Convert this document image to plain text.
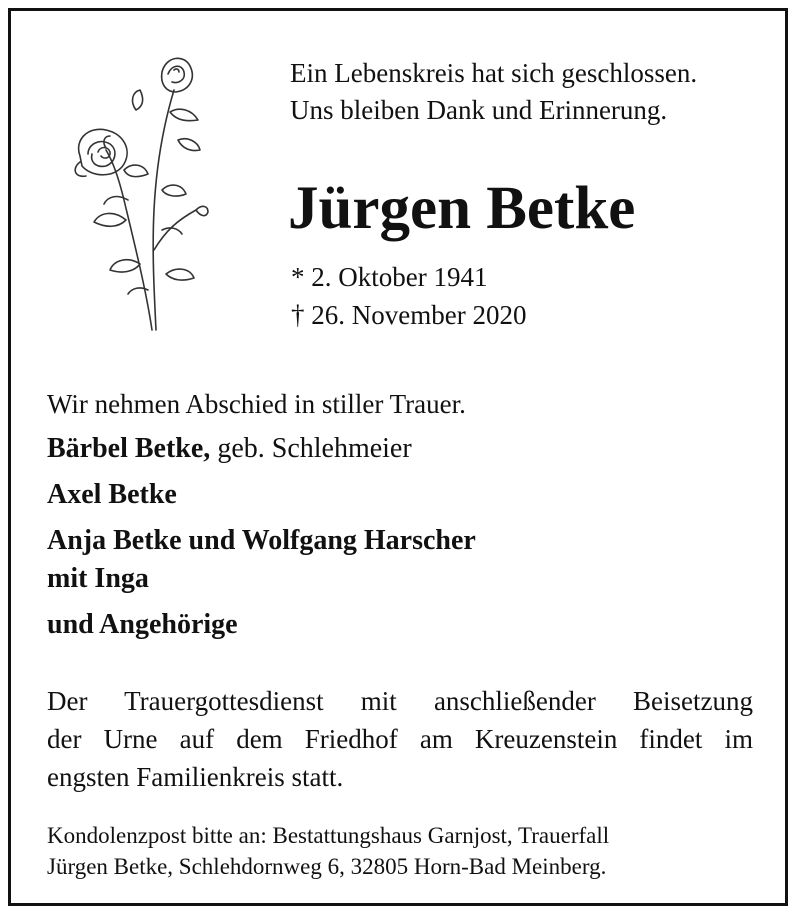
Ein Lebenskreis hat sich geschlossen.
Uns bleiben Dank und Erinnerung.
Jürgen Betke
* 2. Oktober 1941
† 26. November 2020
Wir nehmen Abschied in stiller Trauer.
Bärbel Betke, geb. Schlehmeier
Axel Betke
Anja Betke und Wolfgang Harscher
mit Inga
und Angehörige
Der Trauergottesdienst mit anschließender Beisetzung
der Urne auf dem Friedhof am Kreuzenstein findet im
engsten Familienkreis statt.
Kondolenzpost bitte an: Bestattungshaus Garnjost, Trauerfall
Jürgen Betke, Schlehdornweg 6, 32805 Horn-Bad Meinberg.
